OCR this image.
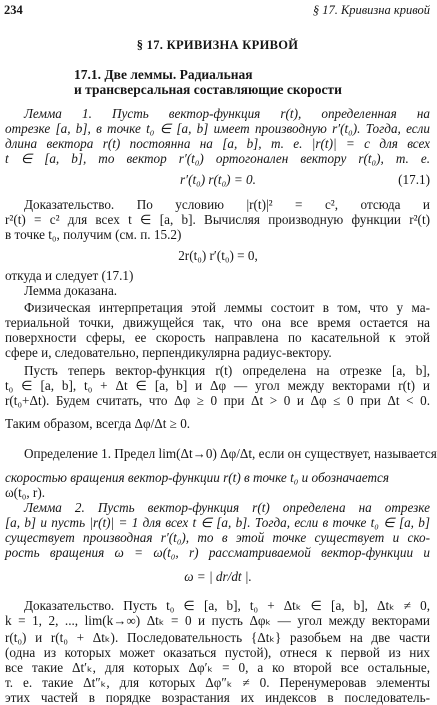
234	§ 17. Кривизна кривой
§ 17. КРИВИЗНА КРИВОЙ
17.1. Две леммы. Радиальная
и трансверсальная составляющие скорости
Лемма 1. Пусть вектор-функция r(t), определенная на
отрезке [a, b], в точке t₀ ∈ [a, b] имеет производную r′(t₀). Тогда, если
длина вектора r(t) постоянна на [a, b], т. е. |r(t)| = c для всех
t ∈ [a, b], то вектор r′(t₀) ортогонален вектору r(t₀), т. е.
r′(t₀) r(t₀) = 0.	(17.1)
Доказательство. По условию |r(t)|² = c², отсюда и
r²(t) = c² для всех t ∈ [a, b]. Вычисляя производную функции r²(t)
в точке t₀, получим (см. п. 15.2)
2r(t₀) r′(t₀) = 0,
откуда и следует (17.1)
Лемма доказана.
Физическая интерпретация этой леммы состоит в том, что у ма-
териальной точки, движущейся так, что она все время остается на
поверхности сферы, ее скорость направлена по касательной к этой
сфере и, следовательно, перпендикулярна радиус-вектору.
Пусть теперь вектор-функция r(t) определена на отрезке [a, b],
t₀ ∈ [a, b], t₀ + Δt ∈ [a, b] и Δφ — угол между векторами r(t) и
r(t₀+Δt). Будем считать, что Δφ ≥ 0 при Δt > 0 и Δφ ≤ 0 при Δt < 0.
Таким образом, всегда Δφ/Δt ≥ 0.
Определение 1. Предел lim(Δt→0) Δφ/Δt, если он существует, называется
скоростью вращения вектор-функции r(t) в точке t₀ и обозначается
ω(t₀, r).
Лемма 2. Пусть вектор-функция r(t) определена на отрезке
[a, b] и пусть |r(t)| = 1 для всех t ∈ [a, b]. Тогда, если в точке t₀ ∈ [a, b]
существует производная r′(t₀), то в этой точке существует и ско-
рость вращения ω = ω(t₀, r) рассматриваемой вектор-функции и
ω = | dr/dt |.
Доказательство. Пусть t₀ ∈ [a, b], t₀ + Δtₖ ∈ [a, b], Δtₖ ≠ 0,
k = 1, 2, ..., lim(k→∞) Δtₖ = 0 и пусть Δφₖ — угол между векторами
r(t₀) и r(t₀ + Δtₖ). Последовательность {Δtₖ} разобьем на две части
(одна из которых может оказаться пустой), отнеся к первой из них
все такие Δt′ₖ, для которых Δφ′ₖ = 0, а ко второй все остальные,
т. е. такие Δt″ₖ, для которых Δφ″ₖ ≠ 0. Перенумеровав элементы
этих частей в порядке возрастания их индексов в последователь-
